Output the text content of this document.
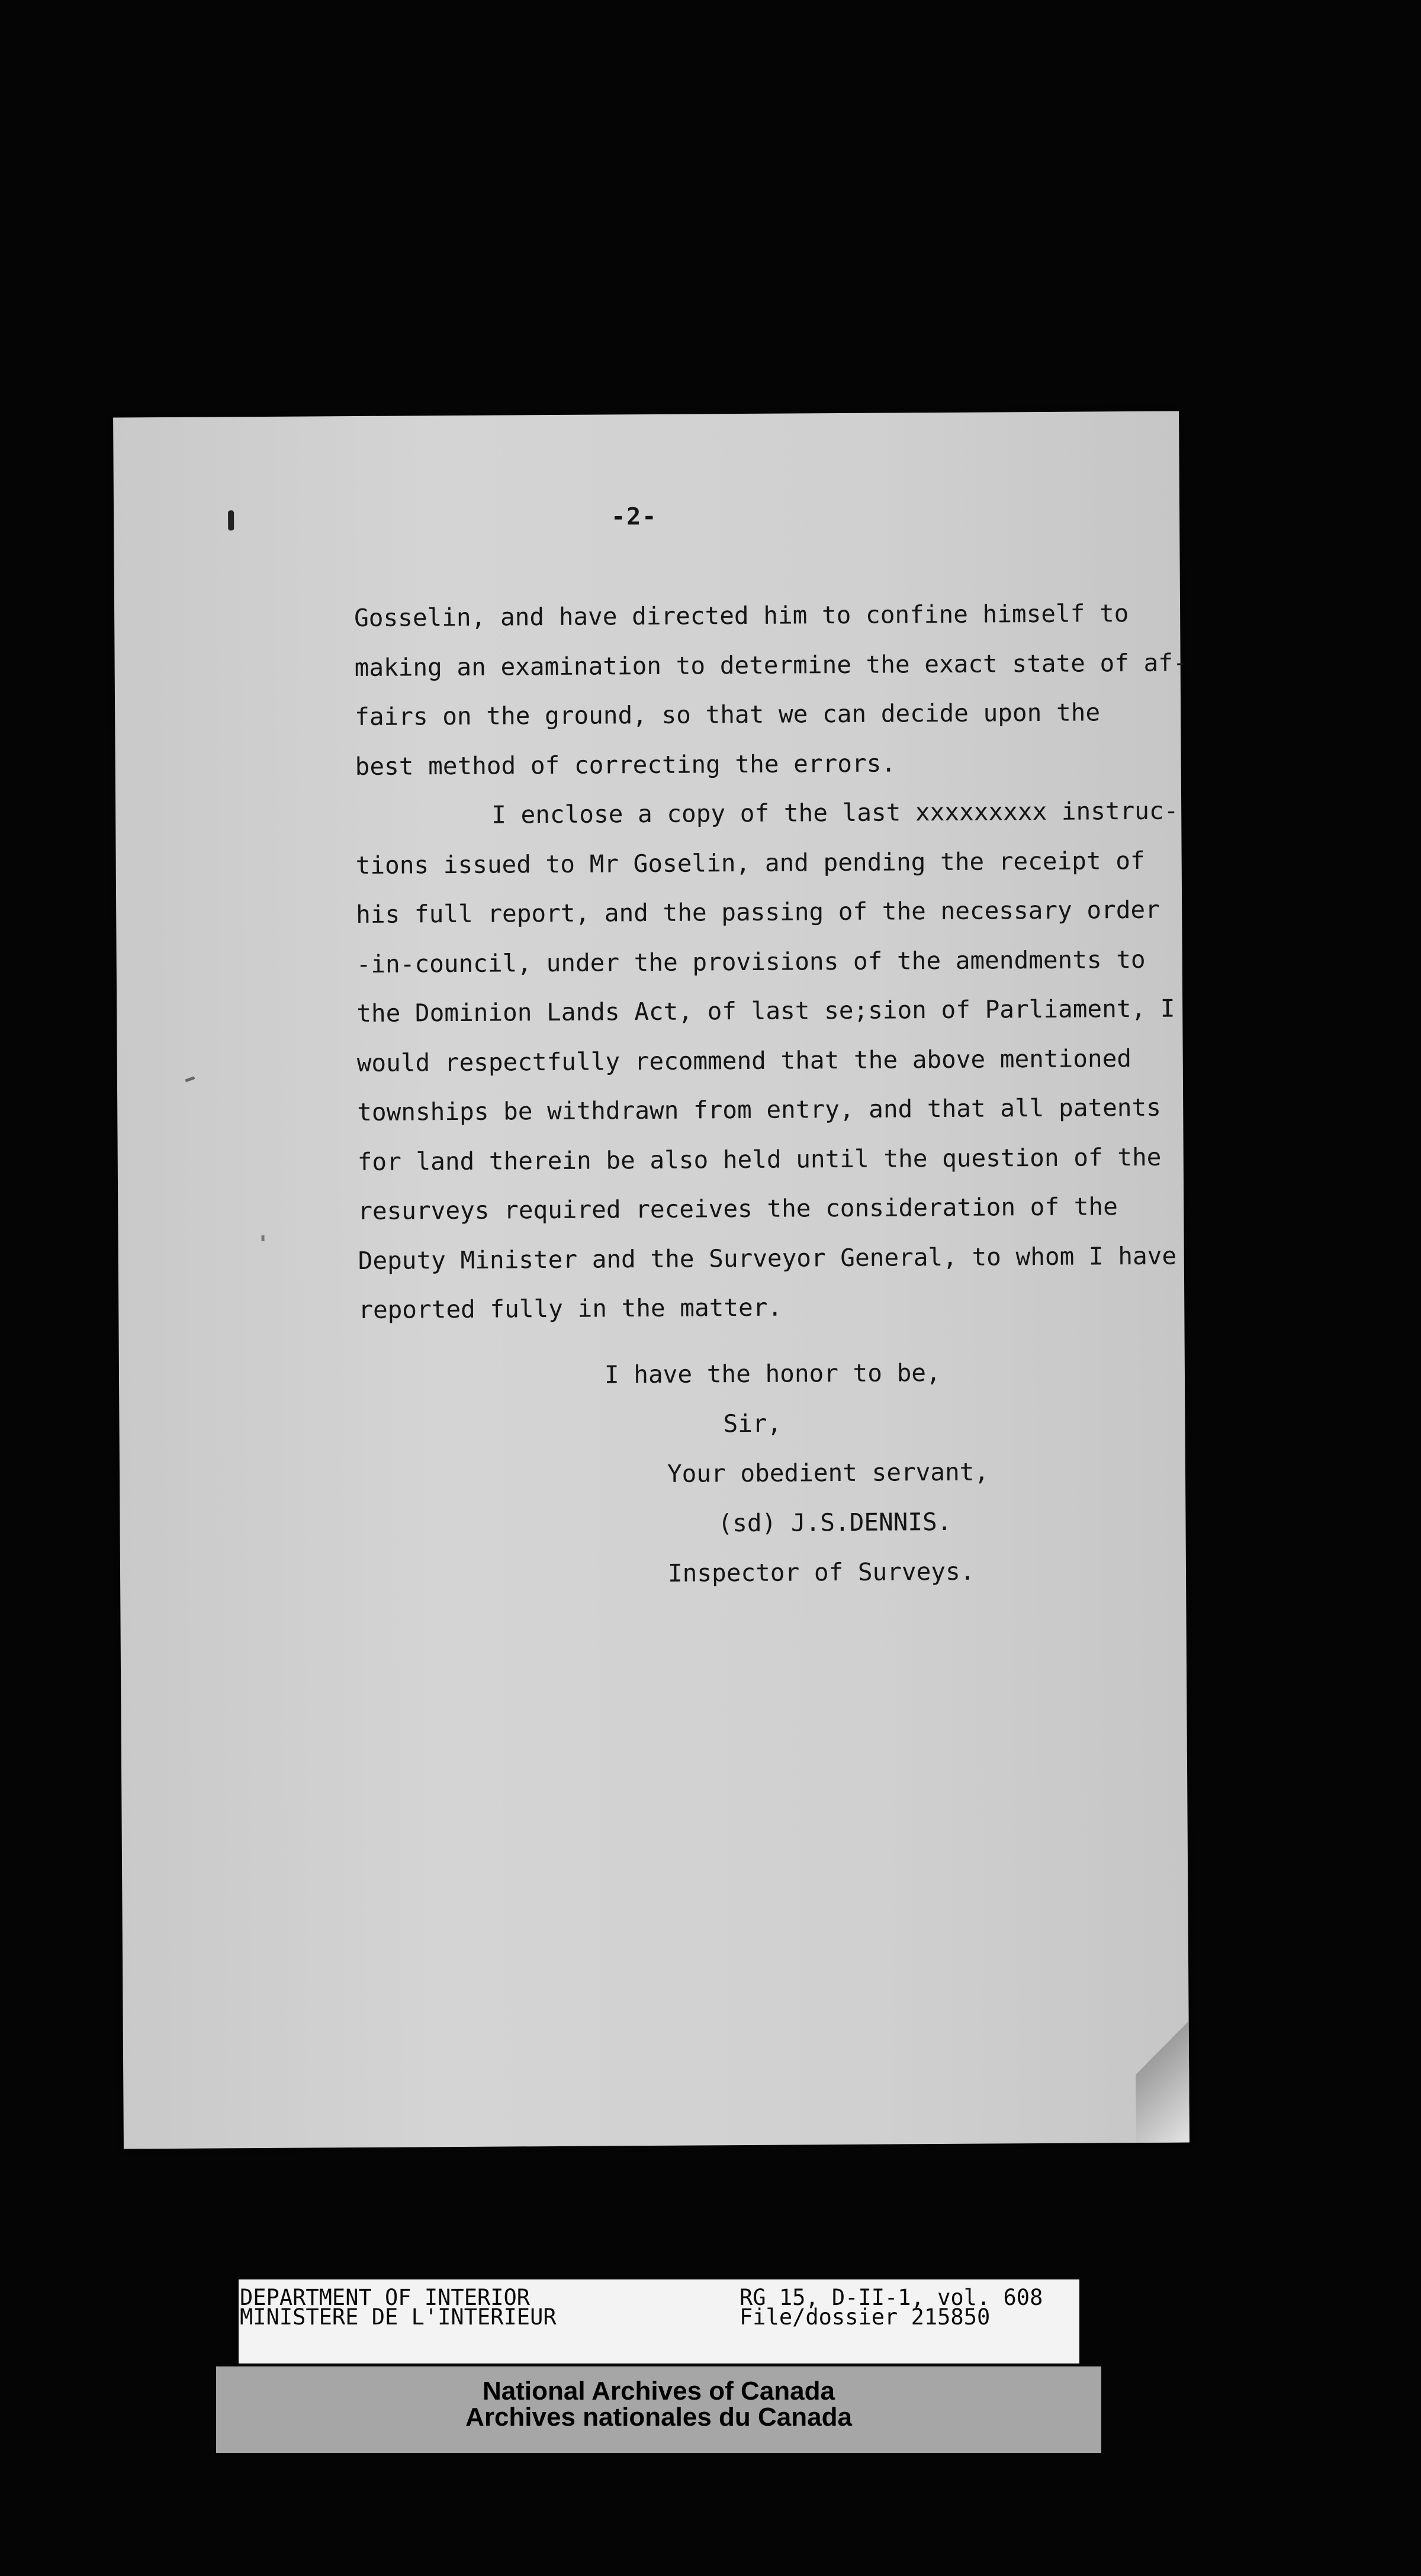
-2-

Gosselin, and have directed him to confine himself to
making an examination to determine the exact state of af-
fairs on the ground, so that we can decide upon the
best method of correcting the errors.
I enclose a copy of the last xxxxxxxxx instruc-
tions issued to Mr Goselin, and pending the receipt of
his full report, and the passing of the necessary order
-in-council, under the provisions of the amendments to
the Dominion Lands Act, of last se;sion of Parliament, I
would respectfully recommend that the above mentioned
townships be withdrawn from entry, and that all patents
for land therein be also held until the question of the
resurveys required receives the consideration of the
Deputy Minister and the Surveyor General, to whom I have
reported fully in the matter.

I have the honor to be,
Sir,
Your obedient servant,
(sd) J.S.DENNIS.
Inspector of Surveys.
DEPARTMENT OF INTERIOR
MINISTERE DE L'INTERIEUR
RG 15, D-II-1, vol. 608
File/dossier 215850
National Archives of Canada
Archives nationales du Canada
